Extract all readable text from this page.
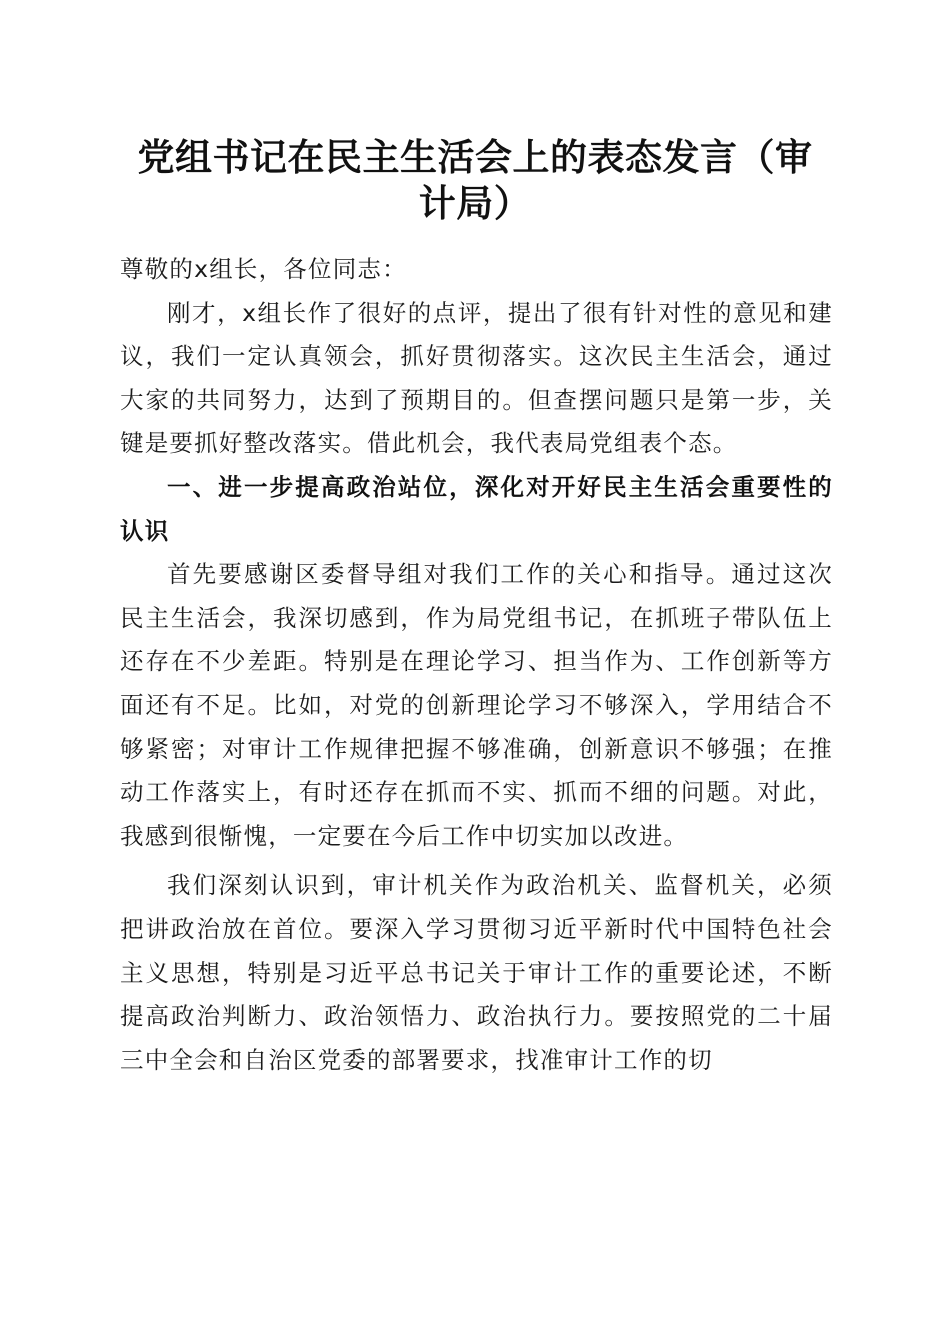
党组书记在民主生活会上的表态发言（审计局）

尊敬的x组长，各位同志：

刚才，x组长作了很好的点评，提出了很有针对性的意见和建议，我们一定认真领会，抓好贯彻落实。这次民主生活会，通过大家的共同努力，达到了预期目的。但查摆问题只是第一步，关键是要抓好整改落实。借此机会，我代表局党组表个态。

一、进一步提高政治站位，深化对开好民主生活会重要性的认识

首先要感谢区委督导组对我们工作的关心和指导。通过这次民主生活会，我深切感到，作为局党组书记，在抓班子带队伍上还存在不少差距。特别是在理论学习、担当作为、工作创新等方面还有不足。比如，对党的创新理论学习不够深入，学用结合不够紧密；对审计工作规律把握不够准确，创新意识不够强；在推动工作落实上，有时还存在抓而不实、抓而不细的问题。对此，我感到很惭愧，一定要在今后工作中切实加以改进。

我们深刻认识到，审计机关作为政治机关、监督机关，必须把讲政治放在首位。要深入学习贯彻习近平新时代中国特色社会主义思想，特别是习近平总书记关于审计工作的重要论述，不断提高政治判断力、政治领悟力、政治执行力。要按照党的二十届三中全会和自治区党委的部署要求，找准审计工作的切
